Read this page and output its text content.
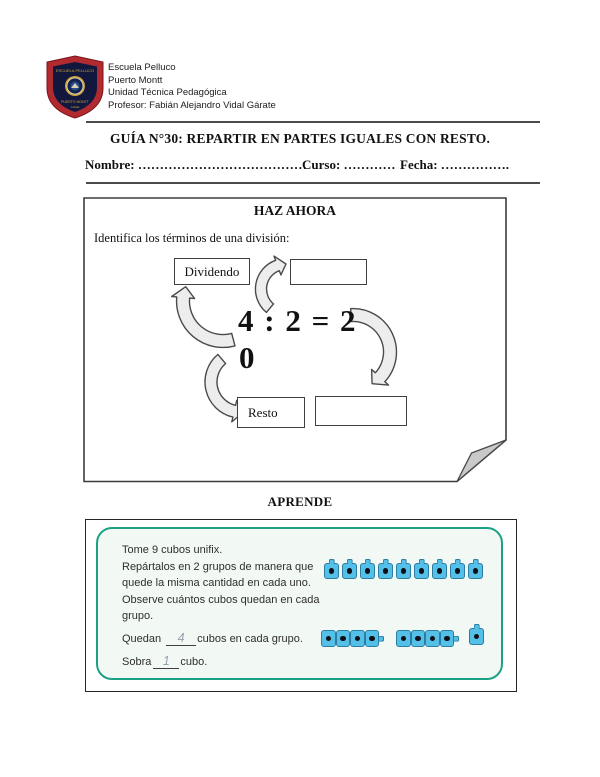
ESCUELA PELLUCO
PUERTO MONTT
CHILE
Escuela Pelluco
Puerto Montt
Unidad Técnica Pedagógica
Profesor: Fabián Alejandro Vidal Gárate
GUÍA N°30: REPARTIR EN PARTES IGUALES CON RESTO.
Nombre: …………………………………
Curso: ………… Fecha: …………….
HAZ AHORA
Identifica los términos de una división:
Dividendo
4 : 2 = 2
0
Resto
APRENDE
Tome 9 cubos unifix.
Repártalos en 2 grupos de manera que
quede la misma cantidad en cada uno.
Observe cuántos cubos quedan en cada
grupo.
Quedan 4 cubos en cada grupo.
Sobra 1 cubo.
